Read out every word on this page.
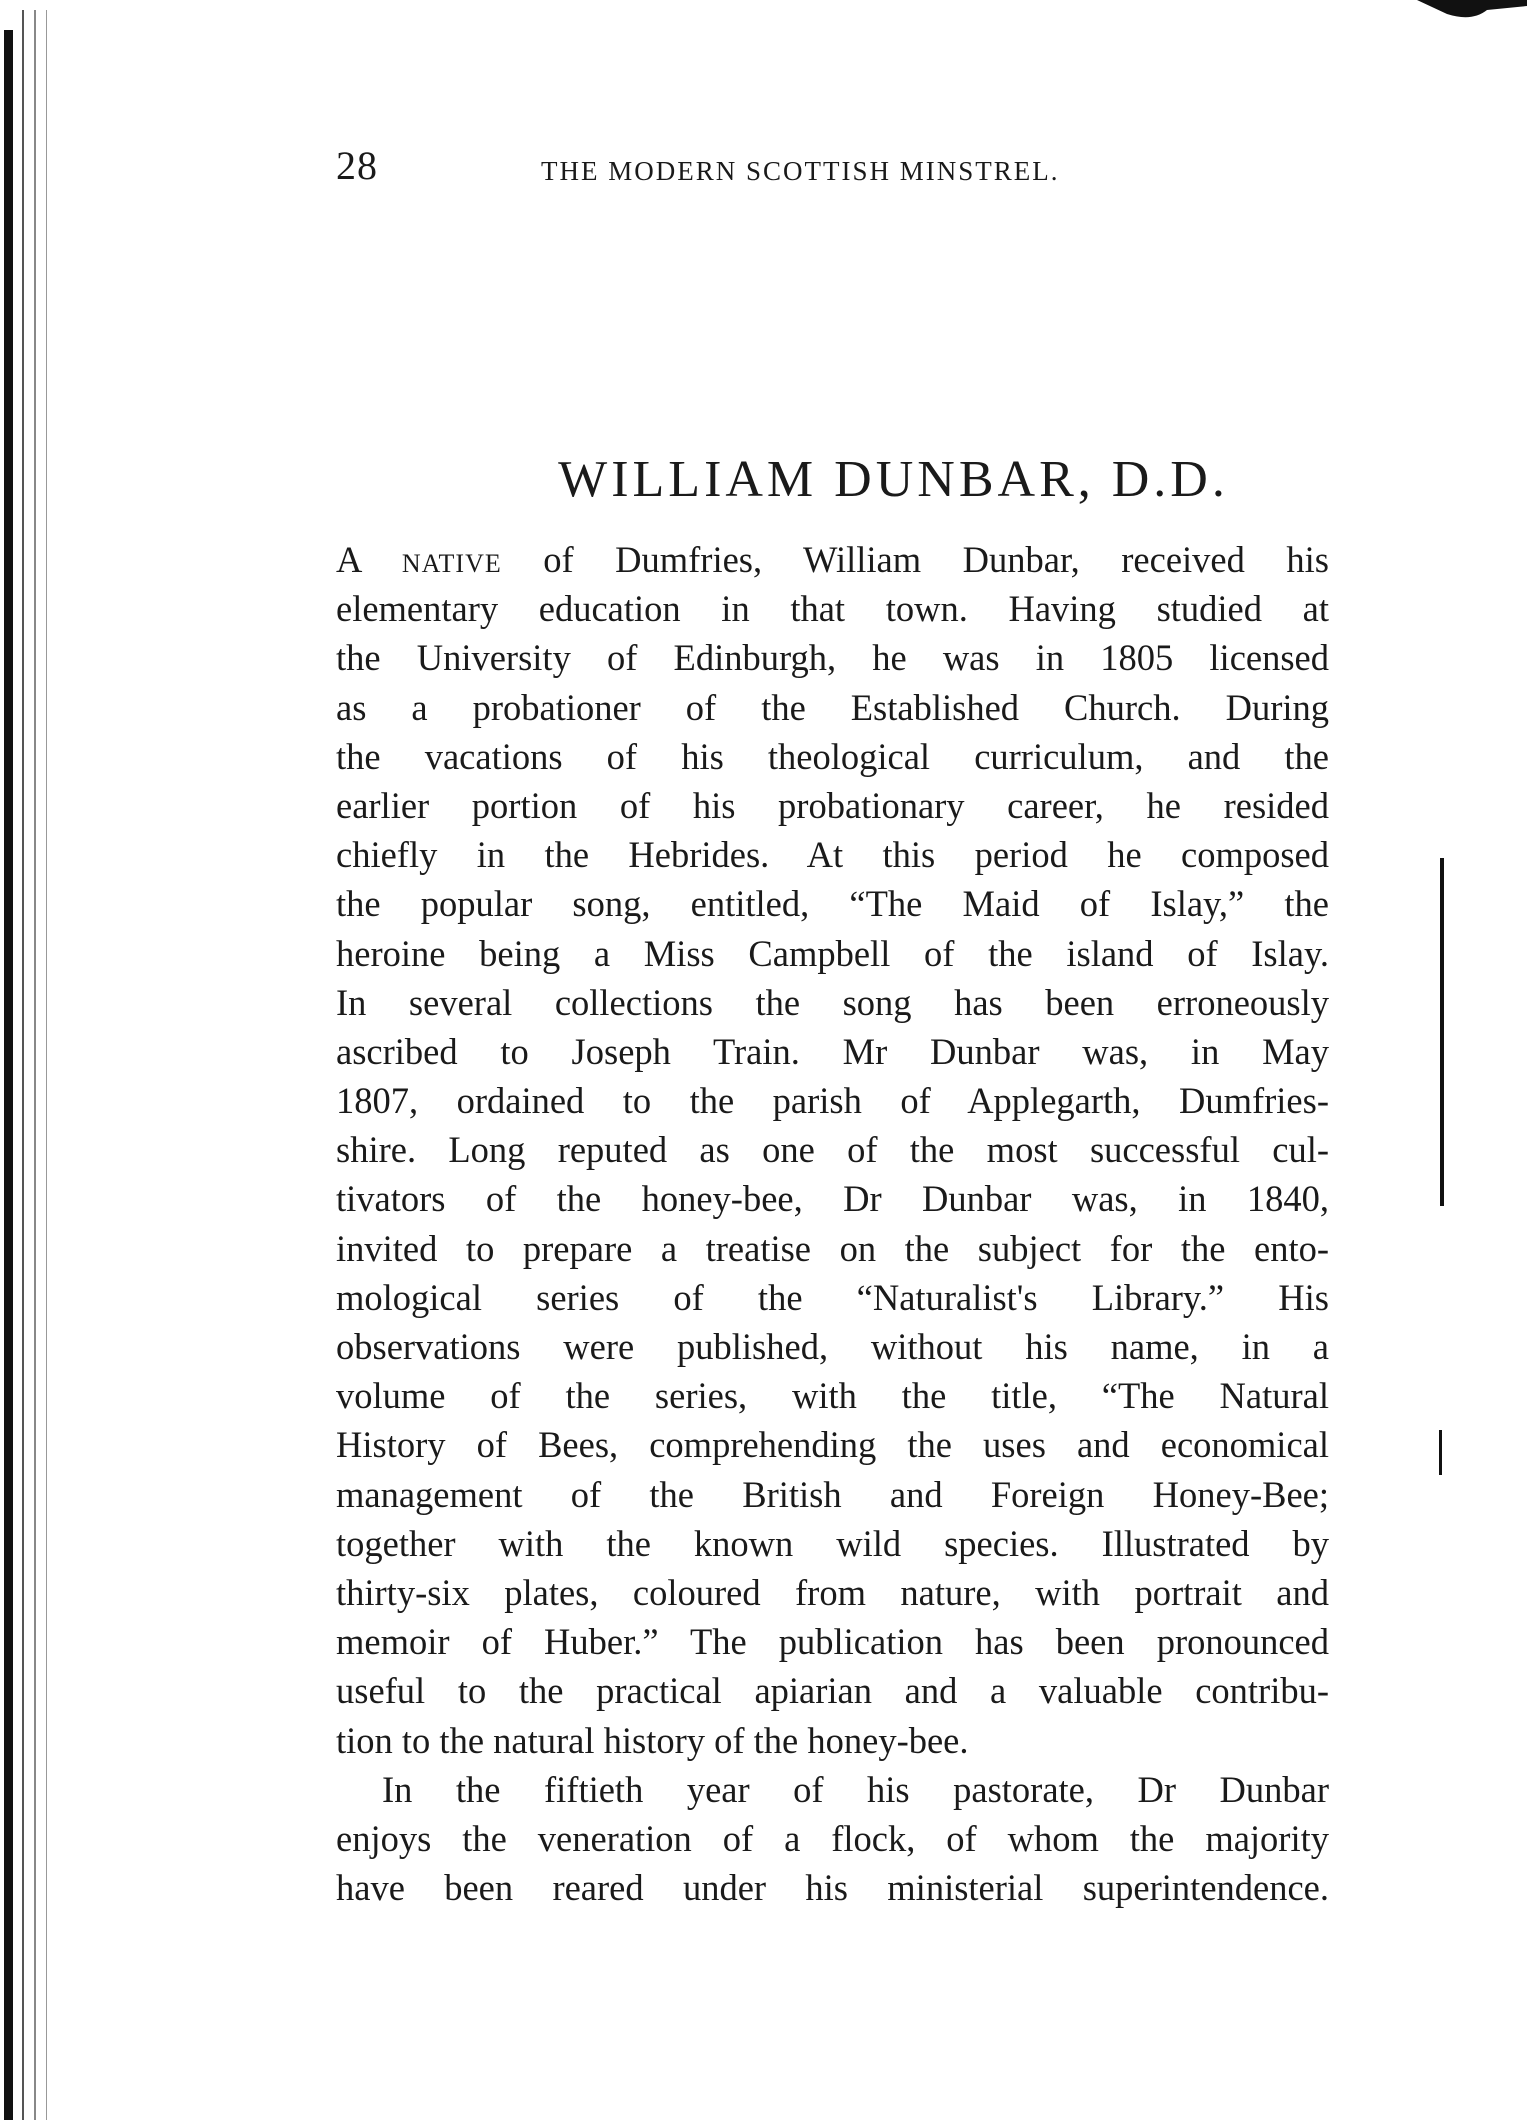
28	THE MODERN SCOTTISH MINSTREL.
WILLIAM DUNBAR, D.D.
A native of Dumfries, William Dunbar, received his
elementary education in that town. Having studied at
the University of Edinburgh, he was in 1805 licensed
as a probationer of the Established Church. During
the vacations of his theological curriculum, and the
earlier portion of his probationary career, he resided
chiefly in the Hebrides. At this period he composed
the popular song, entitled, “The Maid of Islay,” the
heroine being a Miss Campbell of the island of Islay.
In several collections the song has been erroneously
ascribed to Joseph Train. Mr Dunbar was, in May
1807, ordained to the parish of Applegarth, Dumfries-
shire. Long reputed as one of the most successful cul-
tivators of the honey-bee, Dr Dunbar was, in 1840,
invited to prepare a treatise on the subject for the ento-
mological series of the “Naturalist's Library.” His
observations were published, without his name, in a
volume of the series, with the title, “The Natural
History of Bees, comprehending the uses and economical
management of the British and Foreign Honey-Bee;
together with the known wild species. Illustrated by
thirty-six plates, coloured from nature, with portrait and
memoir of Huber.” The publication has been pronounced
useful to the practical apiarian and a valuable contribu-
tion to the natural history of the honey-bee.
In the fiftieth year of his pastorate, Dr Dunbar
enjoys the veneration of a flock, of whom the majority
have been reared under his ministerial superintendence.
